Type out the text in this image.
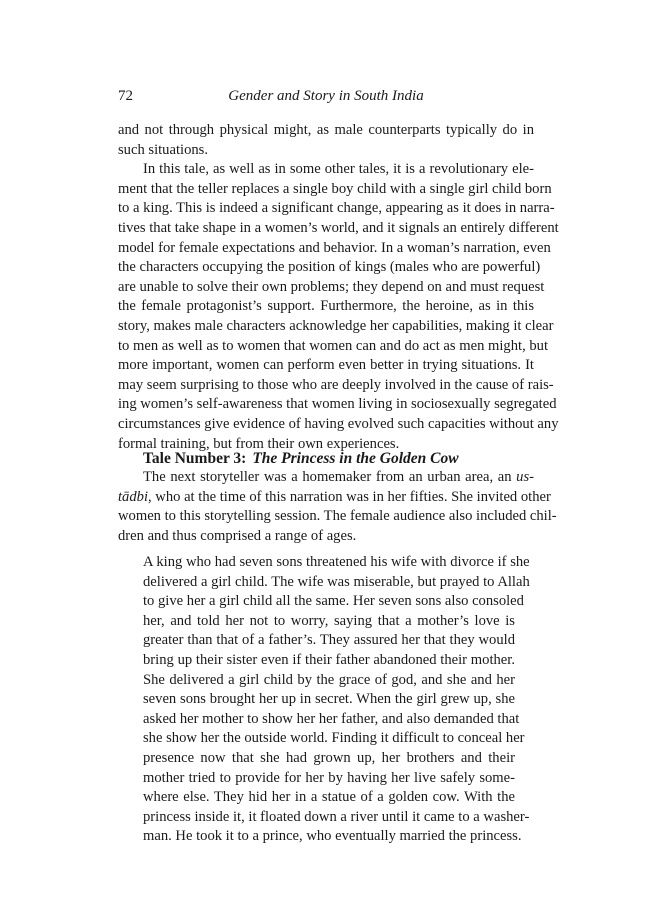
72	Gender and Story in South India

and not through physical might, as male counterparts typically do in
such situations.

In this tale, as well as in some other tales, it is a revolutionary ele-
ment that the teller replaces a single boy child with a single girl child born
to a king. This is indeed a significant change, appearing as it does in narra-
tives that take shape in a women’s world, and it signals an entirely different
model for female expectations and behavior. In a woman’s narration, even
the characters occupying the position of kings (males who are powerful)
are unable to solve their own problems; they depend on and must request
the female protagonist’s support. Furthermore, the heroine, as in this
story, makes male characters acknowledge her capabilities, making it clear
to men as well as to women that women can and do act as men might, but
more important, women can perform even better in trying situations. It
may seem surprising to those who are deeply involved in the cause of rais-
ing women’s self-awareness that women living in sociosexually segregated
circumstances give evidence of having evolved such capacities without any
formal training, but from their own experiences.

Tale Number 3: The Princess in the Golden Cow
The next storyteller was a homemaker from an urban area, an us-
tādbi, who at the time of this narration was in her fifties. She invited other
women to this storytelling session. The female audience also included chil-
dren and thus comprised a range of ages.
A king who had seven sons threatened his wife with divorce if she
delivered a girl child. The wife was miserable, but prayed to Allah
to give her a girl child all the same. Her seven sons also consoled
her, and told her not to worry, saying that a mother’s love is
greater than that of a father’s. They assured her that they would
bring up their sister even if their father abandoned their mother.
She delivered a girl child by the grace of god, and she and her
seven sons brought her up in secret. When the girl grew up, she
asked her mother to show her her father, and also demanded that
she show her the outside world. Finding it difficult to conceal her
presence now that she had grown up, her brothers and their
mother tried to provide for her by having her live safely some-
where else. They hid her in a statue of a golden cow. With the
princess inside it, it floated down a river until it came to a washer-
man. He took it to a prince, who eventually married the princess.
